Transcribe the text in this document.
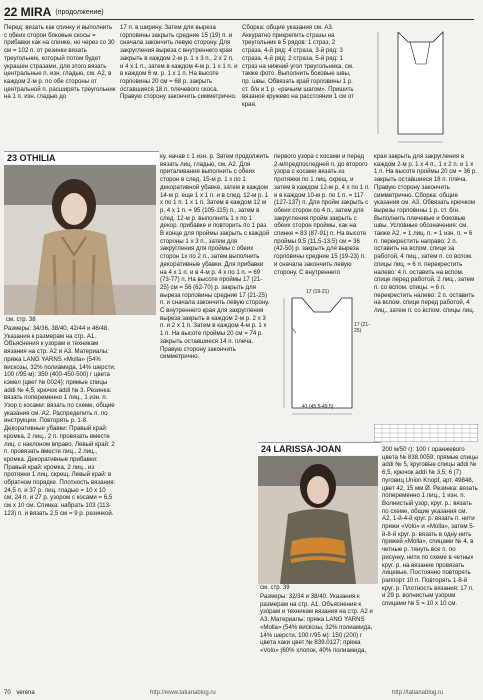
22 MIRA (продолжение)

Перед: вязать как спинку и выполнить с обеих сторон боковые скосы = прибавки как на спинке, но через со 30 см = 102 п. от резинки вязать треугольник, который потом будет украшен стразами, для этого вязать центральные п. изн. гладью, см. А2, в каждом 2-м р. по обе стороны от центральной п. расширять треугольник на 1 п. изн. гладью до

17 п. в ширину. Затем для выреза горловины закрыть средние 15 (19) п. и сначала закончить левую сторону. Для закругления выреза с внутреннего края закрыть в каждом 2-м р. 1 x 3 п., 2 x 2 п. и 4 x 1 п., затем в каждом 4-м р. 1 x 1 п. и в каждом 6 м. р. 1 x 1 п. На высоте горловины 20 см = 68 р. закрыть оставшиеся 18 п. плечевого скоса. Правую сторону закончить симметрично.

Сборка: общие указания см. А3. Аккуратно прикрепить стразы на треугольник в 5 рядов: 1 страз, 2 страза, 4-й ряд: 4 страза, 3-й ряд: 3 страза, 4-й ряд: 2 страза, 5-й ряд: 1 страз на нижний угол треугольника, см. также фото. Выполнить боковые швы, пр. швы. Обвязать край горловины 1 р. ст. б/н и 1 р. «рачьим шагом». Пришить вязаное кружево на расстоянии 1 см от края.

23 OTHILIA
см. стр. 38

Размеры: 34/36, 38/40, 42/44 и 46/48. Указания к размерам на стр. А1. Объяснения к узорам и техникам вязания на стр. А2 и А3. Материалы: пряжа LANG YARNS «Molla» (54% вискозы, 32% полиамида, 14% шерсти, 100 г/95 м): 350 (400-450-500) г цвета кэмел (цвет № 0024); прямые спицы addi № 4,5, крючок addi № 3. Резинка: вязать попеременно 1 лиц., 1 изн. п. Узор с косами: вязать по схеме, общие указания см. А2. Распределить п. по инструкции. Повторять р. 1-8. Декоративные убавки: Правый край: кромка, 2 лиц., 2 п. провязать вместе лиц. с наклоном вправо. Левый край: 2 п. провязать вместе лиц., 2 лиц., кромка. Декоративные прибавки: Правый край: кромка, 2 лиц., из протяжки 1 лиц. скрещ. Левый край: в обратном порядке. Плотность вязания: 24,5 п. и 37 р. лиц. гладью = 10 x 10 см, 24 п. и 27 р. узором с косами = 6,5 см x 10 см. Спинка: набрать 103 (113-123) п. и вязать 2,5 см = 9 р. резинкой.

ку, начав с 1 изн. р. Затем продолжить вязать лиц. гладью, см. А2. Для приталивания выполнить с обеих сторон в след. 15-м р. 1 x по 1 декоративной убавке, затем в каждом 14-м р. еще 1 x 1 п. и в след. 12-м р. 1 x по 1 п. 1 x 1 п. Затем в каждом 12 м р. 4 x 1 п. = 95 (105-115) п., затем в след. 12-м р. выполнить 1 x по 1 декор. прибавке и повторить по 1 раз. В конце для проймы закрыть с каждой стороны 1 x 3 п., затем для закругления для проймы с обеих сторон 1x по 2 п., затем выполнить декоративные убавки. Для прибавки на 4 x 1 п. и в 4-м р. 4 x по 1 п. = 69 (73-77) п. На высоте проймы 17 (21-25) см = 56 (62-70) р. закрыть для выреза горловины средние 17 (21-25) п. и сначала закончить левую сторону. С внутреннего края для закругления выреза закрыть в каждом 2-м р. 2 x 3 п. и 2 x 1 п. Затем в каждом 4-м р. 1 x 1 п. На высоте проймы 20 см = 74 р. закрыть оставшиеся 14 п. плеча. Правую сторону закончить симметрично.

первого узора с косами и перед 2-м/предпоследней п. до второго узора с косами вязать из протяжки по 1 лиц. скрещ. и затем в каждом 12-м р. 4 x по 1 п. и в каждом 10-м р. по 1 п. = 117 (127-137) п. Для пройм закрыть с обеих сторон по 4 п., затем для закругления пройм закрыть с обеих сторон проймы, как на спинке = 83 (87-91) п. На высоте проймы 9,5 (11,5-13,5) см = 36 (42-50) р. закрыть для выреза горловины средние 15 (19-23) п. и сначала закончить левую сторону. С внутреннего

края закрыть для закругления в каждом 2-м р. 1 x 4 п., 1 x 2 п. и 1 x 1 п. На высоте проймы 20 см = 36 р. закрыть оставшиеся 18 п. плеча. Правую сторону закончить симметрично. Сборка: общие указания см. А3. Обвязать крючком вырезы горловины 1 р. ст. б/н. Выполнить плечевые и боковые швы. Условные обозначения: см. также А2. = 1 лиц. п. = 1 изн. п. = 6 п. перекрестить направо: 2 п. оставить на вспом. спице за работой, 4 лиц., затем п. со вспом. спицы лиц. = 6 п. перекрестить налево: 4 п. оставить на вспом. спице перед работой, 2 лиц., затем п. со вспом. спицы. = 6 п. перекрестить налево: 2 п. оставить на вспом. спице перед работой, 4 лиц., затем п. со вспом. спицы лиц.

17 (19-21)
17 (21-25)
41 (45,5-49,5)
24 LARISSA-JOAN
см. стр. 39

Размеры: 32/34 и 38/40. Указания к размерам на стр. А1. Объяснения к узорам и техникам вязания на стр. А2 и А3. Материалы: пряжа LANG YARNS «Molla» (54% вискозы, 32% полиамида, 14% шерсти, 100 г/95 м): 150 (200) г цвета хаки цвет № 839.0127; пряжа «Volo» (60% хлопок, 40% полиамида,

200 м/50 г): 100 г оранжевого цвета № 838.0059; прямые спицы addi № 5, круговые спицы addi № 6,5, крючок addi № 3,5; 6 (7) пуговиц Union Knopf, арт. 49848, цвет 42, 15 мм Ø. Резинка: вязать попеременно 1 лиц., 1 изн. п. Волнистый узор, круг. р.: вязать по схеме, общие указания см. А2, 1-й-4-й круг. р. вязать п. нити пряжи «Volo» и «Molla», затем 5-й-8-й круг. р. вязать в одну нить пряжей «Molla», спицами № 4, в четные р. тянуть все п. по рисунку, нити по схеме в четных круг. р. на вязание провязать лицевые. Постоянно повторять раппорт 10 п. Повторять 1-8-й круг. р. Плотность вязания: 17 п. и 29 р. волнистым узором спицами № 5 = 10 x 10 см.

70 verena	http://www.tatianablog.ru	http://tatianablog.ru
